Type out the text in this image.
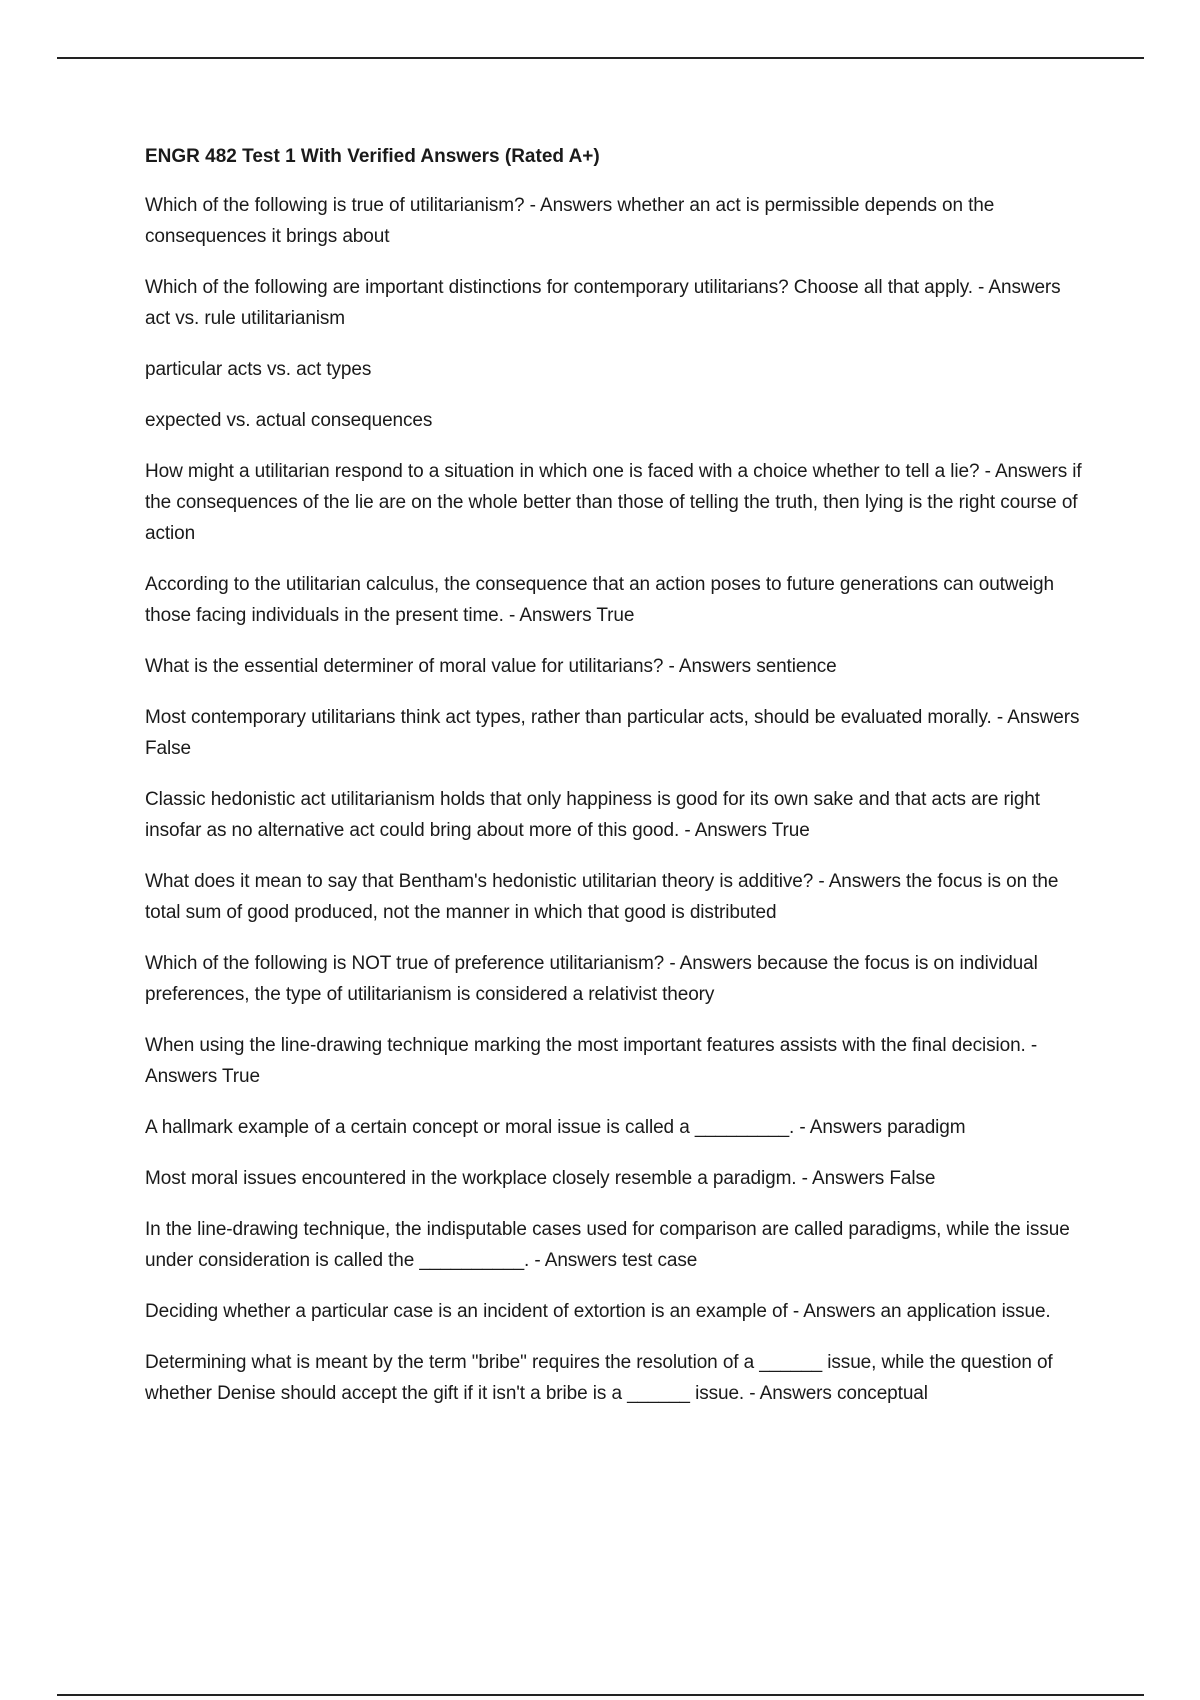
ENGR 482 Test 1 With Verified Answers (Rated A+)

Which of the following is true of utilitarianism? - Answers whether an act is permissible depends on the consequences it brings about

Which of the following are important distinctions for contemporary utilitarians? Choose all that apply. - Answers act vs. rule utilitarianism

particular acts vs. act types

expected vs. actual consequences

How might a utilitarian respond to a situation in which one is faced with a choice whether to tell a lie? - Answers if the consequences of the lie are on the whole better than those of telling the truth, then lying is the right course of action

According to the utilitarian calculus, the consequence that an action poses to future generations can outweigh those facing individuals in the present time. - Answers True

What is the essential determiner of moral value for utilitarians? - Answers sentience

Most contemporary utilitarians think act types, rather than particular acts, should be evaluated morally. - Answers False

Classic hedonistic act utilitarianism holds that only happiness is good for its own sake and that acts are right insofar as no alternative act could bring about more of this good. - Answers True

What does it mean to say that Bentham's hedonistic utilitarian theory is additive? - Answers the focus is on the total sum of good produced, not the manner in which that good is distributed

Which of the following is NOT true of preference utilitarianism? - Answers because the focus is on individual preferences, the type of utilitarianism is considered a relativist theory

When using the line-drawing technique marking the most important features assists with the final decision. - Answers True

A hallmark example of a certain concept or moral issue is called a _________. - Answers paradigm

Most moral issues encountered in the workplace closely resemble a paradigm. - Answers False

In the line-drawing technique, the indisputable cases used for comparison are called paradigms, while the issue under consideration is called the __________. - Answers test case

Deciding whether a particular case is an incident of extortion is an example of - Answers an application issue.

Determining what is meant by the term "bribe" requires the resolution of a ______ issue, while the question of whether Denise should accept the gift if it isn't a bribe is a ______ issue. - Answers conceptual
